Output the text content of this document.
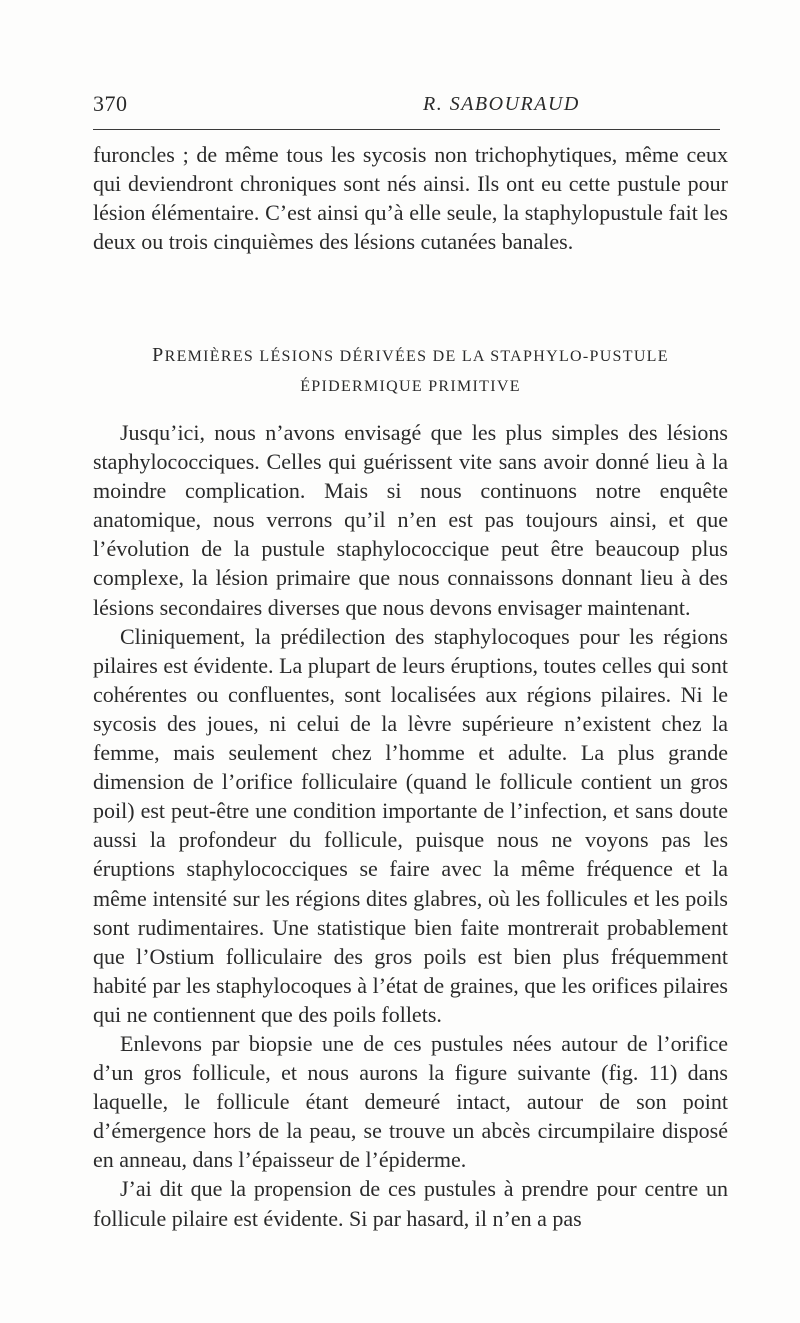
370	R. SABOURAUD

furoncles ; de même tous les sycosis non trichophytiques, même ceux qui deviendront chroniques sont nés ainsi. Ils ont eu cette pustule pour lésion élémentaire. C’est ainsi qu’à elle seule, la staphylopustule fait les deux ou trois cinquièmes des lésions cutanées banales.

PREMIÈRES LÉSIONS DÉRIVÉES DE LA STAPHYLO-PUSTULE
ÉPIDERMIQUE PRIMITIVE

Jusqu’ici, nous n’avons envisagé que les plus simples des lésions staphylococciques. Celles qui guérissent vite sans avoir donné lieu à la moindre complication. Mais si nous continuons notre enquête anatomique, nous verrons qu’il n’en est pas toujours ainsi, et que l’évolution de la pustule staphylococcique peut être beaucoup plus complexe, la lésion primaire que nous connaissons donnant lieu à des lésions secondaires diverses que nous devons envisager maintenant.

Cliniquement, la prédilection des staphylocoques pour les régions pilaires est évidente. La plupart de leurs éruptions, toutes celles qui sont cohérentes ou confluentes, sont localisées aux régions pilaires. Ni le sycosis des joues, ni celui de la lèvre supérieure n’existent chez la femme, mais seulement chez l’homme et adulte. La plus grande dimension de l’orifice folliculaire (quand le follicule contient un gros poil) est peut-être une condition importante de l’infection, et sans doute aussi la profondeur du follicule, puisque nous ne voyons pas les éruptions staphylococciques se faire avec la même fréquence et la même intensité sur les régions dites glabres, où les follicules et les poils sont rudimentaires. Une statistique bien faite montrerait probablement que l’Ostium folliculaire des gros poils est bien plus fréquemment habité par les staphylocoques à l’état de graines, que les orifices pilaires qui ne contiennent que des poils follets.

Enlevons par biopsie une de ces pustules nées autour de l’orifice d’un gros follicule, et nous aurons la figure suivante (fig. 11) dans laquelle, le follicule étant demeuré intact, autour de son point d’émergence hors de la peau, se trouve un abcès circumpilaire disposé en anneau, dans l’épaisseur de l’épiderme.

J’ai dit que la propension de ces pustules à prendre pour centre un follicule pilaire est évidente. Si par hasard, il n’en a pas
